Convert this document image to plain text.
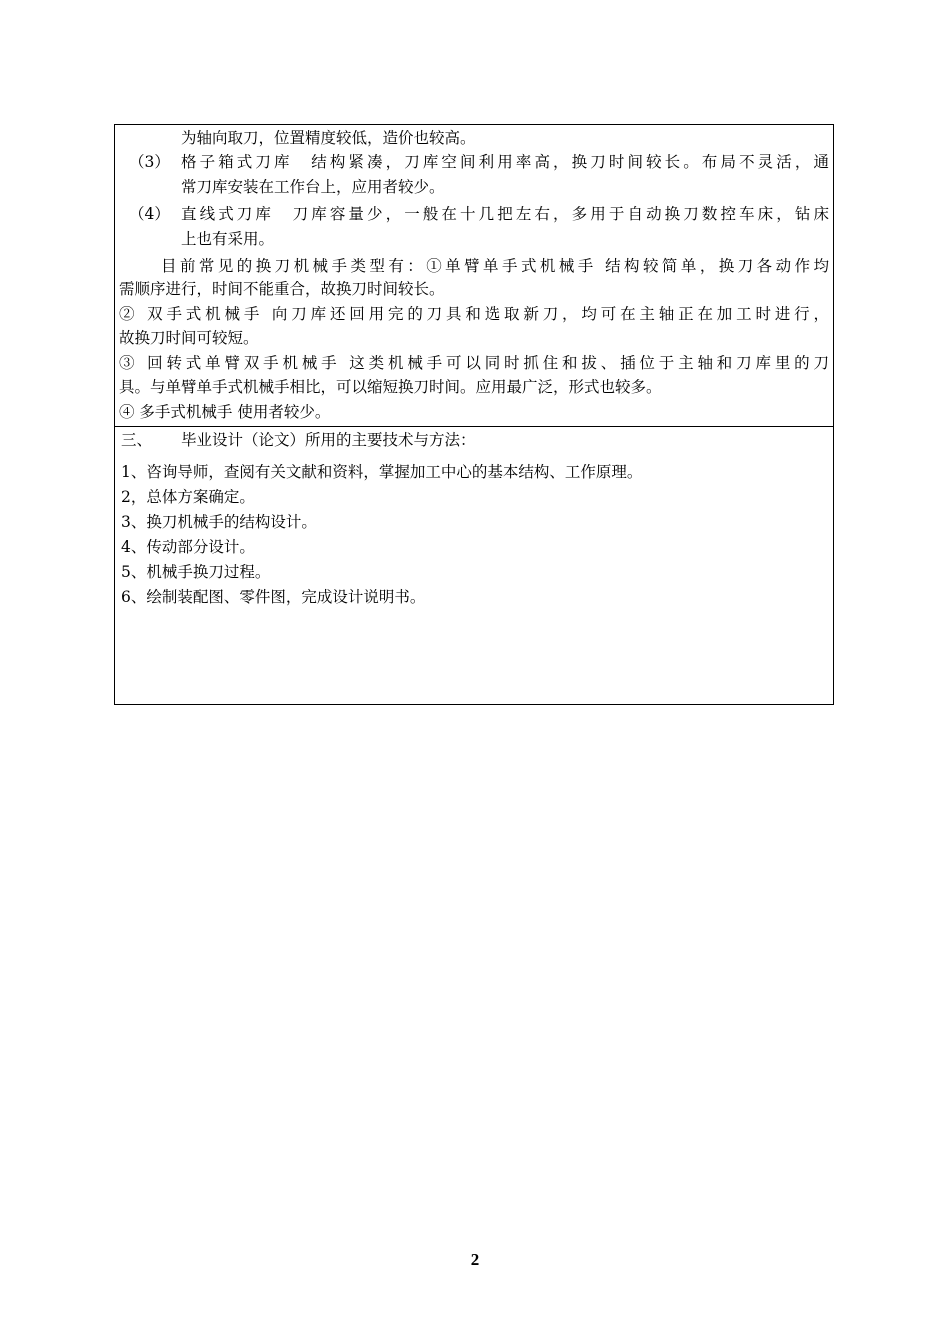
为轴向取刀，位置精度较低，造价也较高。

（3） 格子箱式刀库　结构紧凑，刀库空间利用率高，换刀时间较长。布局不灵活，通

常刀库安装在工作台上，应用者较少。

（4） 直线式刀库　刀库容量少，一般在十几把左右，多用于自动换刀数控车床，钻床

上也有采用。

目前常见的换刀机械手类型有：①单臂单手式机械手 结构较简单，换刀各动作均

需顺序进行，时间不能重合，故换刀时间较长。

② 双手式机械手 向刀库还回用完的刀具和选取新刀，均可在主轴正在加工时进行，

故换刀时间可较短。

③ 回转式单臂双手机械手 这类机械手可以同时抓住和拔、插位于主轴和刀库里的刀

具。与单臂单手式机械手相比，可以缩短换刀时间。应用最广泛，形式也较多。

④ 多手式机械手 使用者较少。

三、 毕业设计（论文）所用的主要技术与方法：

1、咨询导师，查阅有关文献和资料，掌握加工中心的基本结构、工作原理。

2，总体方案确定。

3、换刀机械手的结构设计。

4、传动部分设计。

5、机械手换刀过程。

6、绘制装配图、零件图，完成设计说明书。

2
